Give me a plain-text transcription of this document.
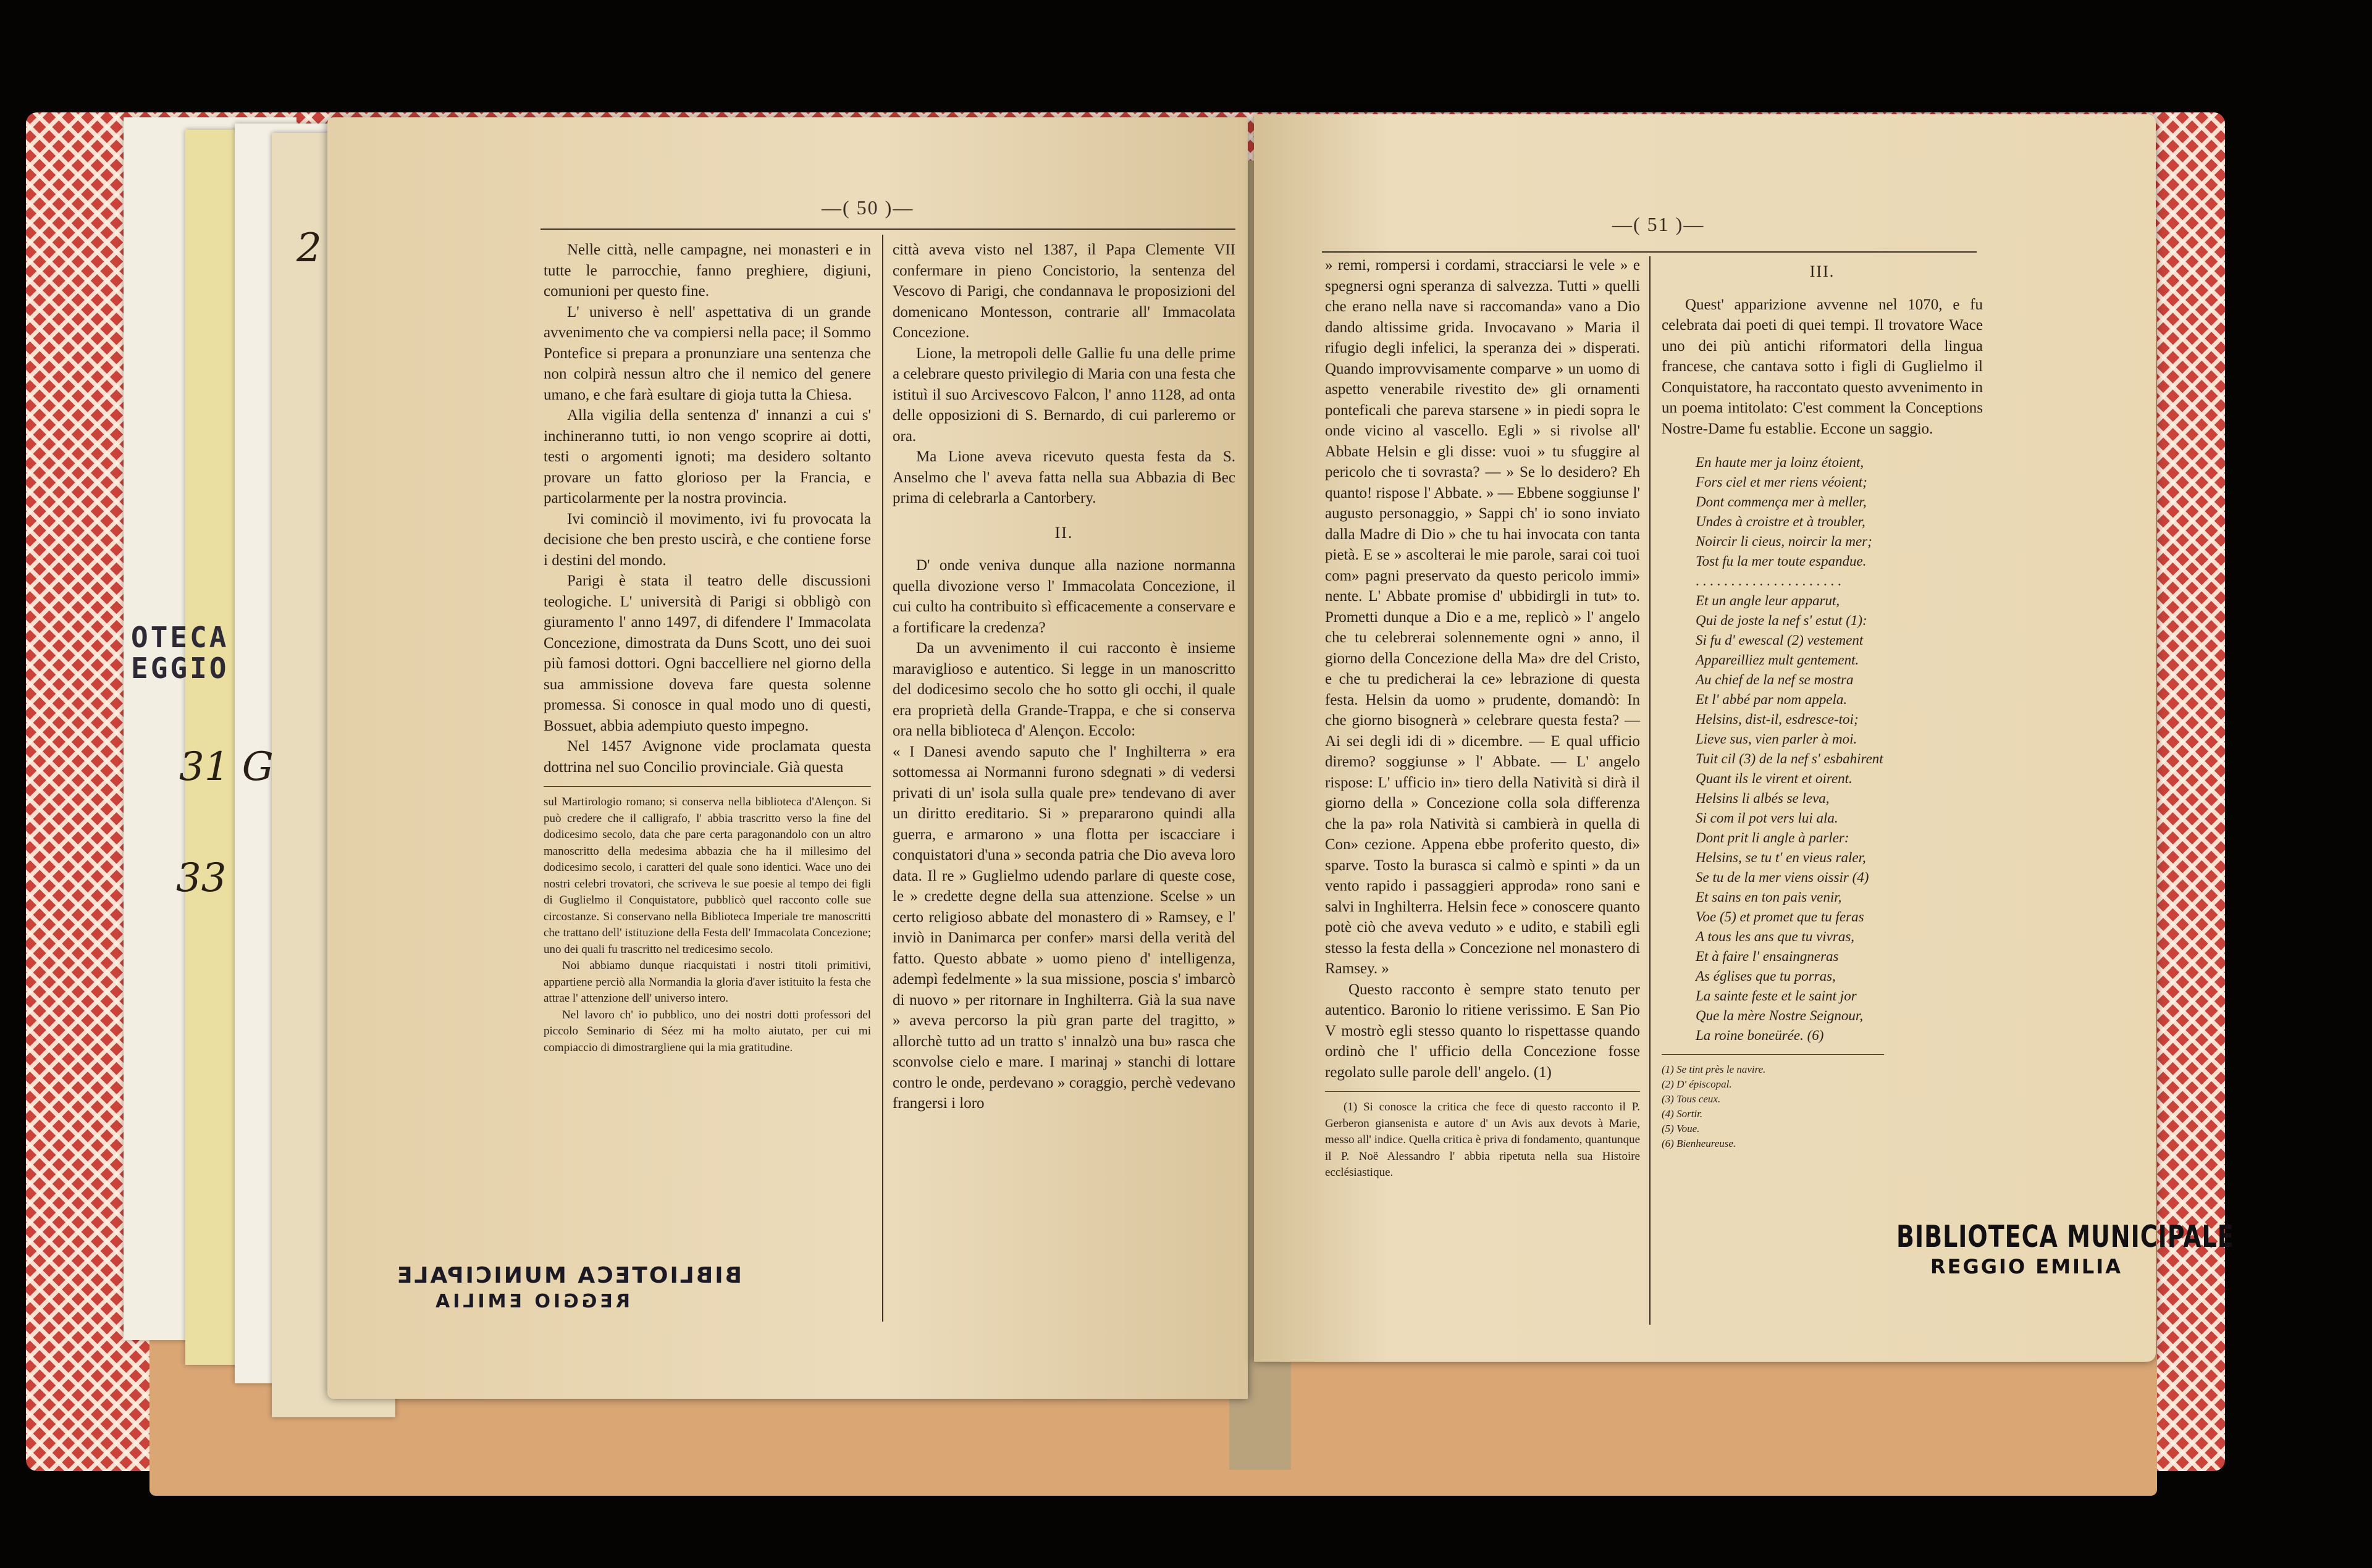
2
31 G
33
OTECA
EGGIO
—( 50 )—

Nelle città, nelle campagne, nei monasteri e in tutte le parrocchie, fanno preghiere, digiuni, comunioni per questo fine.

L' universo è nell' aspettativa di un grande avvenimento che va compiersi nella pace; il Sommo Pontefice si prepara a pronunziare una sentenza che non colpirà nessun altro che il nemico del genere umano, e che farà esultare di gioja tutta la Chiesa.

Alla vigilia della sentenza d' innanzi a cui s' inchineranno tutti, io non vengo scoprire ai dotti, testi o argomenti ignoti; ma desidero soltanto provare un fatto glorioso per la Francia, e particolarmente per la nostra provincia.

Ivi cominciò il movimento, ivi fu provocata la decisione che ben presto uscirà, e che contiene forse i destini del mondo.

Parigi è stata il teatro delle discussioni teologiche. L' università di Parigi si obbligò con giuramento l' anno 1497, di difendere l' Immacolata Concezione, dimostrata da Duns Scott, uno dei suoi più famosi dottori. Ogni baccelliere nel giorno della sua ammissione doveva fare questa solenne promessa. Si conosce in qual modo uno di questi, Bossuet, abbia adempiuto questo impegno.

Nel 1457 Avignone vide proclamata questa dottrina nel suo Concilio provinciale. Già questa

sul Martirologio romano; si conserva nella biblioteca d'Alençon. Si può credere che il calligrafo, l' abbia trascritto verso la fine del dodicesimo secolo, data che pare certa paragonandolo con un altro manoscritto della medesima abbazia che ha il millesimo del dodicesimo secolo, i caratteri del quale sono identici. Wace uno dei nostri celebri trovatori, che scriveva le sue poesie al tempo dei figli di Guglielmo il Conquistatore, pubblicò quel racconto colle sue circostanze. Si conservano nella Biblioteca Imperiale tre manoscritti che trattano dell' istituzione della Festa dell' Immacolata Concezione; uno dei quali fu trascritto nel tredicesimo secolo.

Noi abbiamo dunque riacquistati i nostri titoli primitivi, appartiene perciò alla Normandia la gloria d'aver istituito la festa che attrae l' attenzione dell' universo intero.

Nel lavoro ch' io pubblico, uno dei nostri dotti professori del piccolo Seminario di Séez mi ha molto aiutato, per cui mi compiaccio di dimostrargliene qui la mia gratitudine.

città aveva visto nel 1387, il Papa Clemente VII confermare in pieno Concistorio, la sentenza del Vescovo di Parigi, che condannava le proposizioni del domenicano Montesson, contrarie all' Immacolata Concezione.

Lione, la metropoli delle Gallie fu una delle prime a celebrare questo privilegio di Maria con una festa che istituì il suo Arcivescovo Falcon, l' anno 1128, ad onta delle opposizioni di S. Bernardo, di cui parleremo or ora.

Ma Lione aveva ricevuto questa festa da S. Anselmo che l' aveva fatta nella sua Abbazia di Bec prima di celebrarla a Cantorbery.

II.

D' onde veniva dunque alla nazione normanna quella divozione verso l' Immacolata Concezione, il cui culto ha contribuito sì efficacemente a conservare e a fortificare la credenza?

Da un avvenimento il cui racconto è insieme maraviglioso e autentico. Si legge in un manoscritto del dodicesimo secolo che ho sotto gli occhi, il quale era proprietà della Grande-Trappa, e che si conserva ora nella biblioteca d' Alençon. Eccolo:

« I Danesi avendo saputo che l' Inghilterra » era sottomessa ai Normanni furono sdegnati » di vedersi privati di un' isola sulla quale pre» tendevano di aver un diritto ereditario. Si » prepararono quindi alla guerra, e armarono » una flotta per iscacciare i conquistatori d'una » seconda patria che Dio aveva loro data. Il re » Guglielmo udendo parlare di queste cose, le » credette degne della sua attenzione. Scelse » un certo religioso abbate del monastero di » Ramsey, e l' inviò in Danimarca per confer» marsi della verità del fatto. Questo abbate » uomo pieno d' intelligenza, adempì fedelmente » la sua missione, poscia s' imbarcò di nuovo » per ritornare in Inghilterra. Già la sua nave » aveva percorso la più gran parte del tragitto, » allorchè tutto ad un tratto s' innalzò una bu» rasca che sconvolse cielo e mare. I marinaj » stanchi di lottare contro le onde, perdevano » coraggio, perchè vedevano frangersi i loro

BIBLIOTECA MUNICIPALE
REGGIO EMILIA
—( 51 )—

» remi, rompersi i cordami, stracciarsi le vele » e spegnersi ogni speranza di salvezza. Tutti » quelli che erano nella nave si raccomanda» vano a Dio dando altissime grida. Invocavano » Maria il rifugio degli infelici, la speranza dei » disperati. Quando improvvisamente comparve » un uomo di aspetto venerabile rivestito de» gli ornamenti ponteficali che pareva starsene » in piedi sopra le onde vicino al vascello. Egli » si rivolse all' Abbate Helsin e gli disse: vuoi » tu sfuggire al pericolo che ti sovrasta? — » Se lo desidero? Eh quanto! rispose l' Abbate. » — Ebbene soggiunse l' augusto personaggio, » Sappi ch' io sono inviato dalla Madre di Dio » che tu hai invocata con tanta pietà. E se » ascolterai le mie parole, sarai coi tuoi com» pagni preservato da questo pericolo immi» nente. L' Abbate promise d' ubbidirgli in tut» to. Prometti dunque a Dio e a me, replicò » l' angelo che tu celebrerai solennemente ogni » anno, il giorno della Concezione della Ma» dre del Cristo, e che tu predicherai la ce» lebrazione di questa festa. Helsin da uomo » prudente, domandò: In che giorno bisognerà » celebrare questa festa? — Ai sei degli idi di » dicembre. — E qual ufficio diremo? soggiunse » l' Abbate. — L' angelo rispose: L' ufficio in» tiero della Natività si dirà il giorno della » Concezione colla sola differenza che la pa» rola Natività si cambierà in quella di Con» cezione. Appena ebbe proferito questo, di» sparve. Tosto la burasca si calmò e spinti » da un vento rapido i passaggieri approda» rono sani e salvi in Inghilterra. Helsin fece » conoscere quanto potè ciò che aveva veduto » e udito, e stabilì egli stesso la festa della » Concezione nel monastero di Ramsey. »

Questo racconto è sempre stato tenuto per autentico. Baronio lo ritiene verissimo. E San Pio V mostrò egli stesso quanto lo rispettasse quando ordinò che l' ufficio della Concezione fosse regolato sulle parole dell' angelo. (1)

(1) Si conosce la critica che fece di questo racconto il P. Gerberon giansenista e autore d' un Avis aux devots à Marie, messo all' indice. Quella critica è priva di fondamento, quantunque il P. Noë Alessandro l' abbia ripetuta nella sua Histoire ecclésiastique.

III.

Quest' apparizione avvenne nel 1070, e fu celebrata dai poeti di quei tempi. Il trovatore Wace uno dei più antichi riformatori della lingua francese, che cantava sotto i figli di Guglielmo il Conquistatore, ha raccontato questo avvenimento in un poema intitolato: C'est comment la Conceptions Nostre-Dame fu establie. Eccone un saggio.

En haute mer ja loinz étoient,
Fors ciel et mer riens véoient;
Dont commença mer à meller,
Undes à croistre et à troubler,
Noircir li cieus, noircir la mer;
Tost fu la mer toute espandue.
. . . . . . . . . . . . . . . . . . . . .
Et un angle leur apparut,
Qui de joste la nef s' estut (1):
Si fu d' ewescal (2) vestement
Appareilliez mult gentement.
Au chief de la nef se mostra
Et l' abbé par nom appela.
Helsins, dist-il, esdresce-toi;
Lieve sus, vien parler à moi.
Tuit cil (3) de la nef s' esbahirent
Quant ils le virent et oirent.
Helsins li albés se leva,
Si com il pot vers lui ala.
Dont prit li angle à parler:
Helsins, se tu t' en vieus raler,
Se tu de la mer viens oissir (4)
Et sains en ton pais venir,
Voe (5) et promet que tu feras
A tous les ans que tu vivras,
Et à faire l' ensaingneras
As églises que tu porras,
La sainte feste et le saint jor
Que la mère Nostre Seignour,
La roine boneürée. (6)
(1) Se tint près le navire.
(2) D' épiscopal.
(3) Tous ceux.
(4) Sortir.
(5) Voue.
(6) Bienheureuse.
BIBLIOTECA MUNICIPALE
REGGIO EMILIA
